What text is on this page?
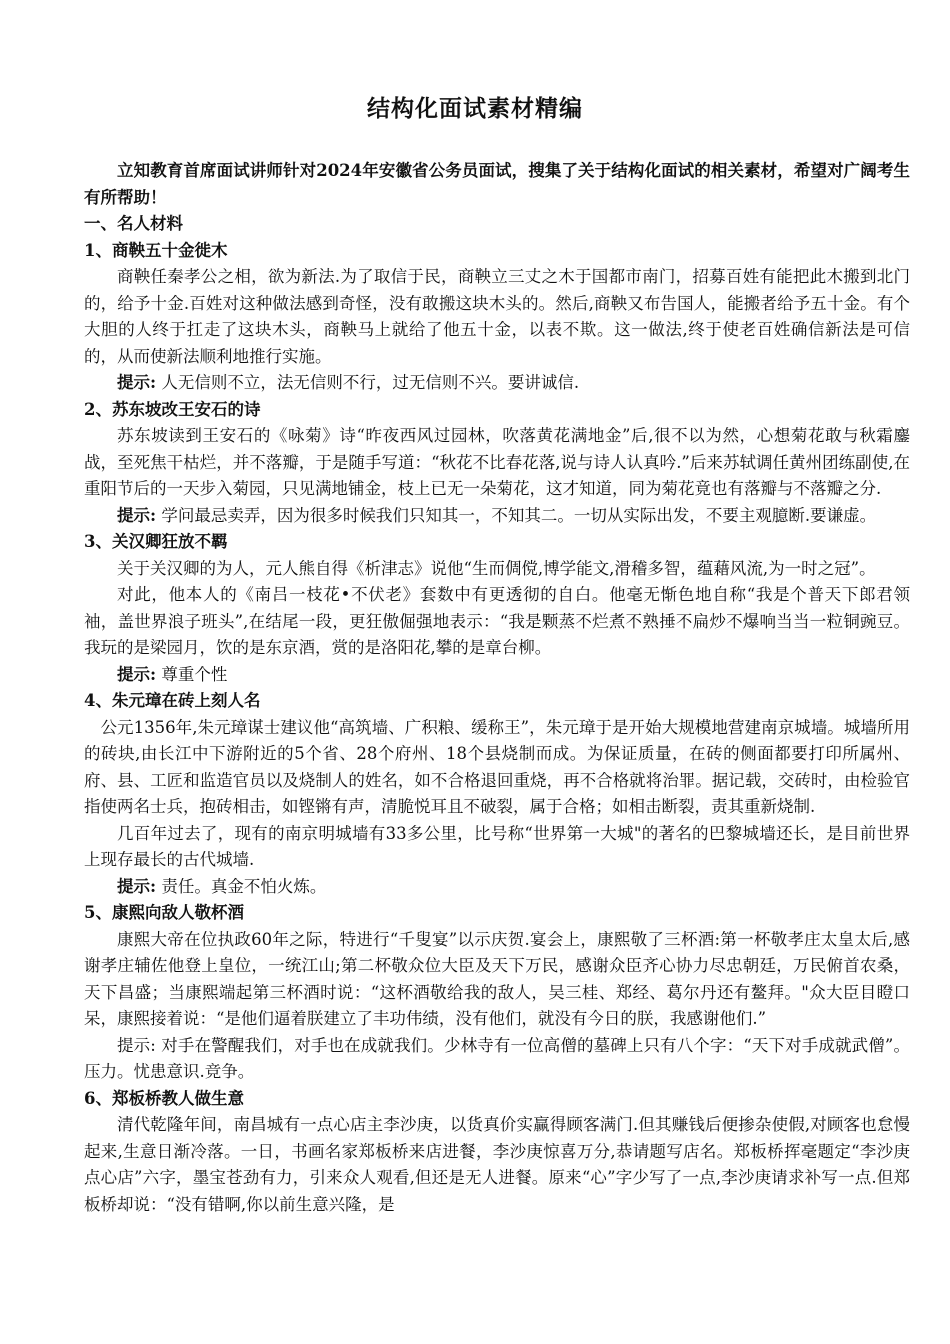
结构化面试素材精编

立知教育首席面试讲师针对2024年安徽省公务员面试，搜集了关于结构化面试的相关素材，希望对广阔考生有所帮助！

一、名人材料

1、商鞅五十金徙木

商鞅任秦孝公之相，欲为新法.为了取信于民，商鞅立三丈之木于国都市南门，招募百姓有能把此木搬到北门的，给予十金.百姓对这种做法感到奇怪，没有敢搬这块木头的。然后,商鞅又布告国人，能搬者给予五十金。有个大胆的人终于扛走了这块木头，商鞅马上就给了他五十金，以表不欺。这一做法,终于使老百姓确信新法是可信的，从而使新法顺利地推行实施。

提示: 人无信则不立，法无信则不行，过无信则不兴。要讲诚信.

2、苏东坡改王安石的诗

苏东坡读到王安石的《咏菊》诗“昨夜西风过园林，吹落黄花满地金”后,很不以为然，心想菊花敢与秋霜鏖战，至死焦干枯烂，并不落瓣，于是随手写道：“秋花不比春花落,说与诗人认真吟.”后来苏轼调任黄州团练副使,在重阳节后的一天步入菊园，只见满地铺金，枝上已无一朵菊花，这才知道，同为菊花竟也有落瓣与不落瓣之分.

提示: 学问最忌卖弄，因为很多时候我们只知其一，不知其二。一切从实际出发，不要主观臆断.要谦虚。

3、关汉卿狂放不羁

关于关汉卿的为人，元人熊自得《析津志》说他“生而倜傥,博学能文,滑稽多智，蕴藉风流,为一时之冠”。

对此，他本人的《南吕一枝花•不伏老》套数中有更透彻的自白。他毫无惭色地自称“我是个普天下郎君领袖，盖世界浪子班头”,在结尾一段，更狂傲倔强地表示：“我是颗蒸不烂煮不熟捶不扁炒不爆响当当一粒铜豌豆。我玩的是梁园月，饮的是东京酒，赏的是洛阳花,攀的是章台柳。

提示: 尊重个性

4、朱元璋在砖上刻人名

公元1356年,朱元璋谋士建议他“高筑墙、广积粮、缓称王”，朱元璋于是开始大规模地营建南京城墙。城墙所用的砖块,由长江中下游附近的5个省、28个府州、18个县烧制而成。为保证质量，在砖的侧面都要打印所属州、府、县、工匠和监造官员以及烧制人的姓名，如不合格退回重烧，再不合格就将治罪。据记载，交砖时，由检验官指使两名士兵，抱砖相击，如铿锵有声，清脆悦耳且不破裂，属于合格；如相击断裂，责其重新烧制.

几百年过去了，现有的南京明城墙有33多公里，比号称“世界第一大城"的著名的巴黎城墙还长，是目前世界上现存最长的古代城墙.

提示: 责任。真金不怕火炼。

5、康熙向敌人敬杯酒

康熙大帝在位执政60年之际，特进行“千叟宴”以示庆贺.宴会上，康熙敬了三杯酒:第一杯敬孝庄太皇太后,感谢孝庄辅佐他登上皇位，一统江山;第二杯敬众位大臣及天下万民，感谢众臣齐心协力尽忠朝廷，万民俯首农桑，天下昌盛；当康熙端起第三杯酒时说：“这杯酒敬给我的敌人，吴三桂、郑经、葛尔丹还有鳌拜。"众大臣目瞪口呆，康熙接着说：“是他们逼着朕建立了丰功伟绩，没有他们，就没有今日的朕，我感谢他们.”

提示: 对手在警醒我们，对手也在成就我们。少林寺有一位高僧的墓碑上只有八个字：“天下对手成就武僧”。压力。忧患意识.竞争。

6、郑板桥教人做生意

清代乾隆年间，南昌城有一点心店主李沙庚，以货真价实赢得顾客满门.但其赚钱后便掺杂使假,对顾客也怠慢起来,生意日渐冷落。一日，书画名家郑板桥来店进餐，李沙庚惊喜万分,恭请题写店名。郑板桥挥毫题定“李沙庚点心店”六字，墨宝苍劲有力，引来众人观看,但还是无人进餐。原来“心”字少写了一点,李沙庚请求补写一点.但郑板桥却说：“没有错啊,你以前生意兴隆，是
